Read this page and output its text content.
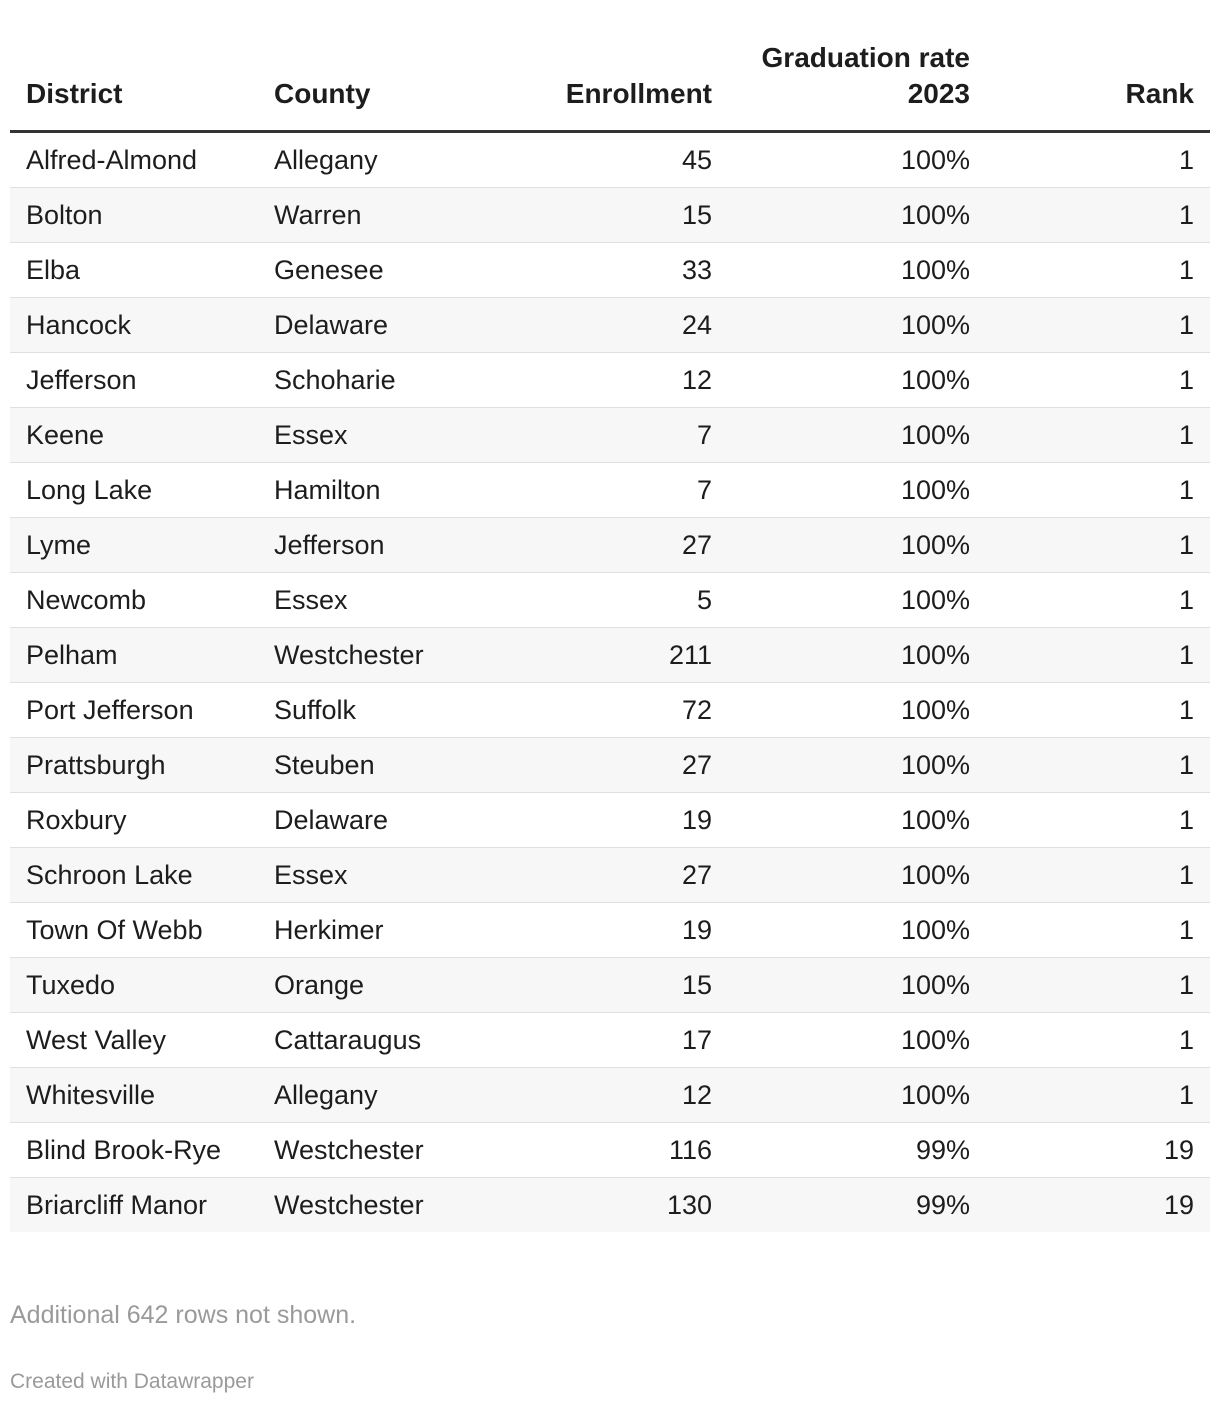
District	County	Enrollment	Graduation rate 2023	Rank
Alfred-Almond	Allegany	45	100%	1
Bolton	Warren	15	100%	1
Elba	Genesee	33	100%	1
Hancock	Delaware	24	100%	1
Jefferson	Schoharie	12	100%	1
Keene	Essex	7	100%	1
Long Lake	Hamilton	7	100%	1
Lyme	Jefferson	27	100%	1
Newcomb	Essex	5	100%	1
Pelham	Westchester	211	100%	1
Port Jefferson	Suffolk	72	100%	1
Prattsburgh	Steuben	27	100%	1
Roxbury	Delaware	19	100%	1
Schroon Lake	Essex	27	100%	1
Town Of Webb	Herkimer	19	100%	1
Tuxedo	Orange	15	100%	1
West Valley	Cattaraugus	17	100%	1
Whitesville	Allegany	12	100%	1
Blind Brook-Rye	Westchester	116	99%	19
Briarcliff Manor	Westchester	130	99%	19
Additional 642 rows not shown.
Created with Datawrapper
